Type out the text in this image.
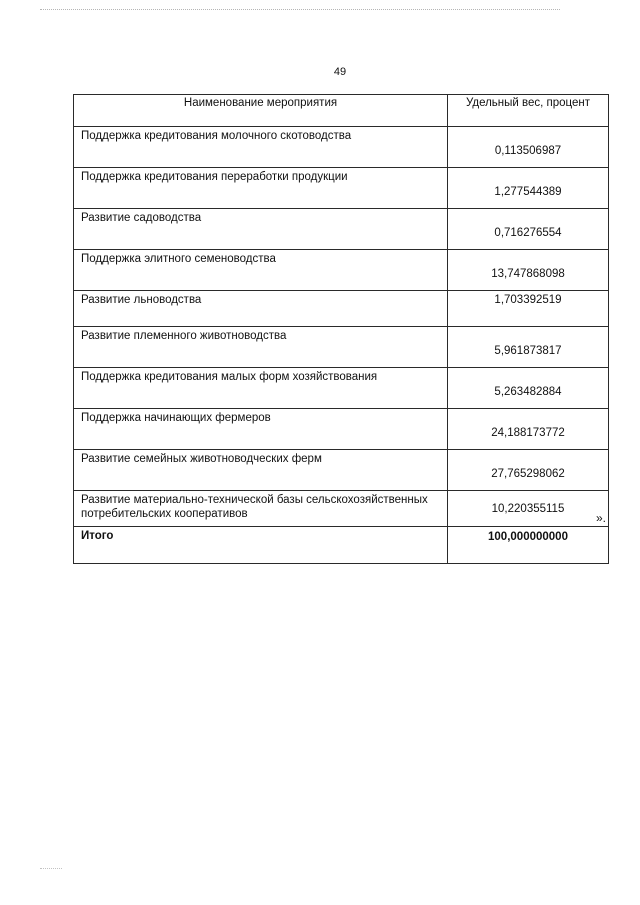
49
Наименование мероприятия	Удельный вес, процент
Поддержка кредитования молочного скотоводства	0,113506987
Поддержка кредитования переработки продукции	1,277544389
Развитие садоводства	0,716276554
Поддержка элитного семеноводства	13,747868098
Развитие льноводства	1,703392519
Развитие племенного животноводства	5,961873817
Поддержка кредитования малых форм хозяйствования	5,263482884
Поддержка начинающих фермеров	24,188173772
Развитие семейных животноводческих ферм	27,765298062
Развитие материально-технической базы сельскохозяйственных потребительских кооперативов	10,220355115
Итого	100,000000000
».
